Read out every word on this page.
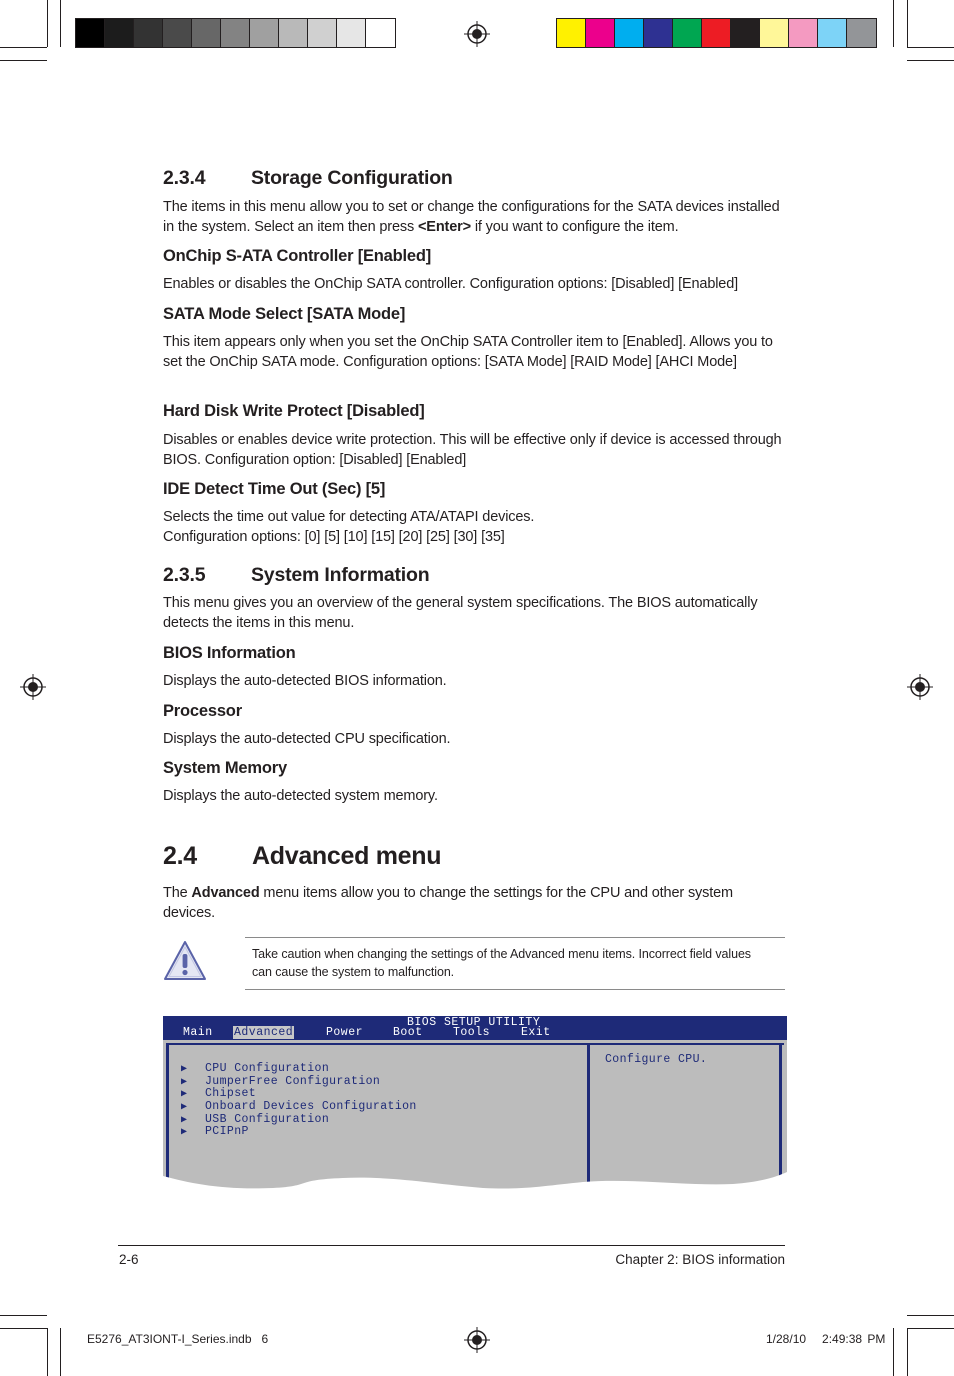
2.3.4 Storage Configuration
The items in this menu allow you to set or change the configurations for the SATA devices installed in the system. Select an item then press <Enter> if you want to configure the item.
OnChip S-ATA Controller [Enabled]
Enables or disables the OnChip SATA controller. Configuration options: [Disabled] [Enabled]
SATA Mode Select [SATA Mode]
This item appears only when you set the OnChip SATA Controller item to [Enabled]. Allows you to set the OnChip SATA mode. Configuration options: [SATA Mode] [RAID Mode] [AHCI Mode]
Hard Disk Write Protect [Disabled]
Disables or enables device write protection. This will be effective only if device is accessed through BIOS. Configuration option: [Disabled] [Enabled]
IDE Detect Time Out (Sec) [5]
Selects the time out value for detecting ATA/ATAPI devices.
Configuration options: [0] [5] [10] [15] [20] [25] [30] [35]
2.3.5 System Information
This menu gives you an overview of the general system specifications. The BIOS automatically detects the items in this menu.
BIOS Information
Displays the auto-detected BIOS information.
Processor
Displays the auto-detected CPU specification.
System Memory
Displays the auto-detected system memory.
2.4 Advanced menu
The Advanced menu items allow you to change the settings for the CPU and other system devices.
Take caution when changing the settings of the Advanced menu items. Incorrect field values can cause the system to malfunction.
BIOS SETUP UTILITY
Main Advanced	Power	Boot	Tools	Exit
▶ CPU Configuration
▶ JumperFree Configuration
▶ Chipset
▶ Onboard Devices Configuration
▶ USB Configuration
▶ PCIPnP
Configure CPU.
2-6	Chapter 2: BIOS information
E5276_AT3IONT-I_Series.indb   6	1/28/10   2:49:38 PM
